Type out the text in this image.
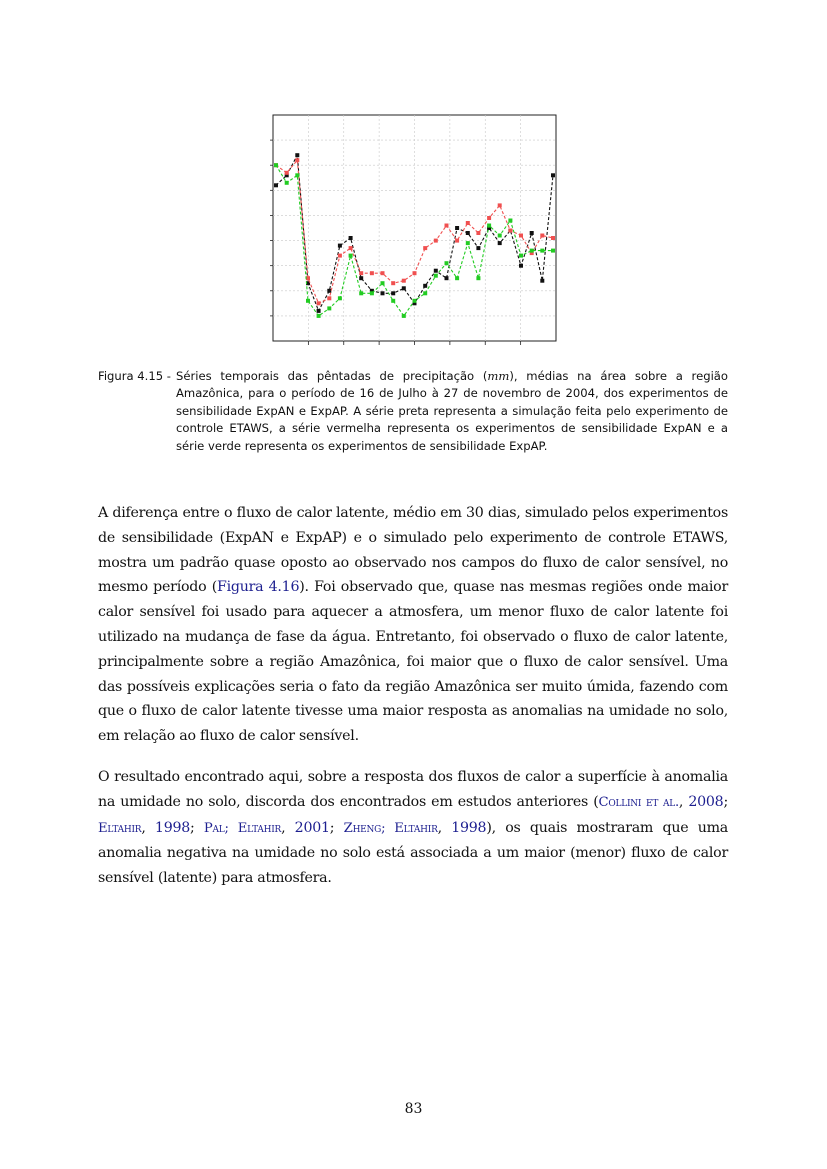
Figura 4.15 - Séries temporais das pêntadas de precipitação (mm), médias na área sobre a região Amazônica, para o período de 16 de Julho à 27 de novembro de 2004, dos experimentos de sensibilidade ExpAN e ExpAP. A série preta representa a simulação feita pelo experimento de controle ETAWS, a série vermelha representa os experimentos de sensibilidade ExpAN e a série verde representa os experimentos de sensibilidade ExpAP.
A diferença entre o fluxo de calor latente, médio em 30 dias, simulado pelos experimentos de sensibilidade (ExpAN e ExpAP) e o simulado pelo experimento de controle ETAWS, mostra um padrão quase oposto ao observado nos campos do fluxo de calor sensível, no mesmo período (Figura 4.16). Foi observado que, quase nas mesmas regiões onde maior calor sensível foi usado para aquecer a atmosfera, um menor fluxo de calor latente foi utilizado na mudança de fase da água. Entretanto, foi observado o fluxo de calor latente, principalmente sobre a região Amazônica, foi maior que o fluxo de calor sensível. Uma das possíveis explicações seria o fato da região Amazônica ser muito úmida, fazendo com que o fluxo de calor latente tivesse uma maior resposta as anomalias na umidade no solo, em relação ao fluxo de calor sensível.
O resultado encontrado aqui, sobre a resposta dos fluxos de calor a superfície à anomalia na umidade no solo, discorda dos encontrados em estudos anteriores (Collini et al., 2008; Eltahir, 1998; Pal; Eltahir, 2001; Zheng; Eltahir, 1998), os quais mostraram que uma anomalia negativa na umidade no solo está associada a um maior (menor) fluxo de calor sensível (latente) para atmosfera.
83
